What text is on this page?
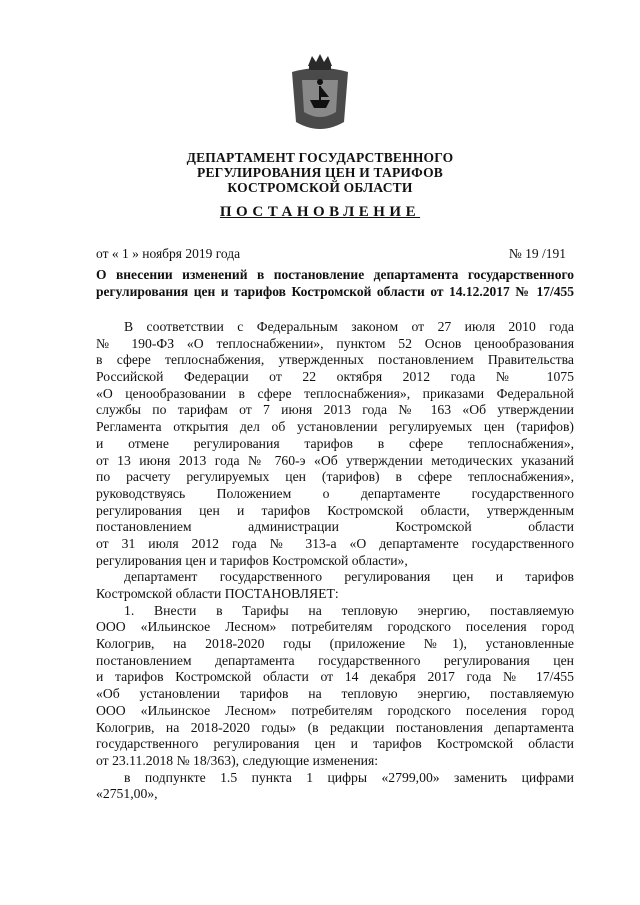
ДЕПАРТАМЕНТ ГОСУДАРСТВЕННОГО
РЕГУЛИРОВАНИЯ ЦЕН И ТАРИФОВ
КОСТРОМСКОЙ ОБЛАСТИ
ПОСТАНОВЛЕНИЕ
от « 1 » ноября 2019 года	№ 19 /191
О внесении изменений в постановление департамента государственного
регулирования цен и тарифов Костромской области от 14.12.2017 № 17/455
В соответствии с Федеральным законом от 27 июля 2010 года
№ 190-ФЗ «О теплоснабжении», пунктом 52 Основ ценообразования
в сфере теплоснабжения, утвержденных постановлением Правительства
Российской Федерации от 22 октября 2012 года № 1075
«О ценообразовании в сфере теплоснабжения», приказами Федеральной
службы по тарифам от 7 июня 2013 года № 163 «Об утверждении
Регламента открытия дел об установлении регулируемых цен (тарифов)
и отмене регулирования тарифов в сфере теплоснабжения»,
от 13 июня 2013 года № 760-э «Об утверждении методических указаний
по расчету регулируемых цен (тарифов) в сфере теплоснабжения»,
руководствуясь Положением о департаменте государственного
регулирования цен и тарифов Костромской области, утвержденным
постановлением администрации Костромской области
от 31 июля 2012 года № 313-а «О департаменте государственного
регулирования цен и тарифов Костромской области»,
департамент государственного регулирования цен и тарифов
Костромской области ПОСТАНОВЛЯЕТ:
1. Внести в Тарифы на тепловую энергию, поставляемую
ООО «Ильинское Лесном» потребителям городского поселения город
Кологрив, на 2018-2020 годы (приложение №1), установленные
постановлением департамента государственного регулирования цен
и тарифов Костромской области от 14 декабря 2017 года № 17/455
«Об установлении тарифов на тепловую энергию, поставляемую
ООО «Ильинское Лесном» потребителям городского поселения город
Кологрив, на 2018-2020 годы» (в редакции постановления департамента
государственного регулирования цен и тарифов Костромской области
от 23.11.2018 № 18/363), следующие изменения:
в подпункте 1.5 пункта 1 цифры «2799,00» заменить цифрами
«2751,00»,
